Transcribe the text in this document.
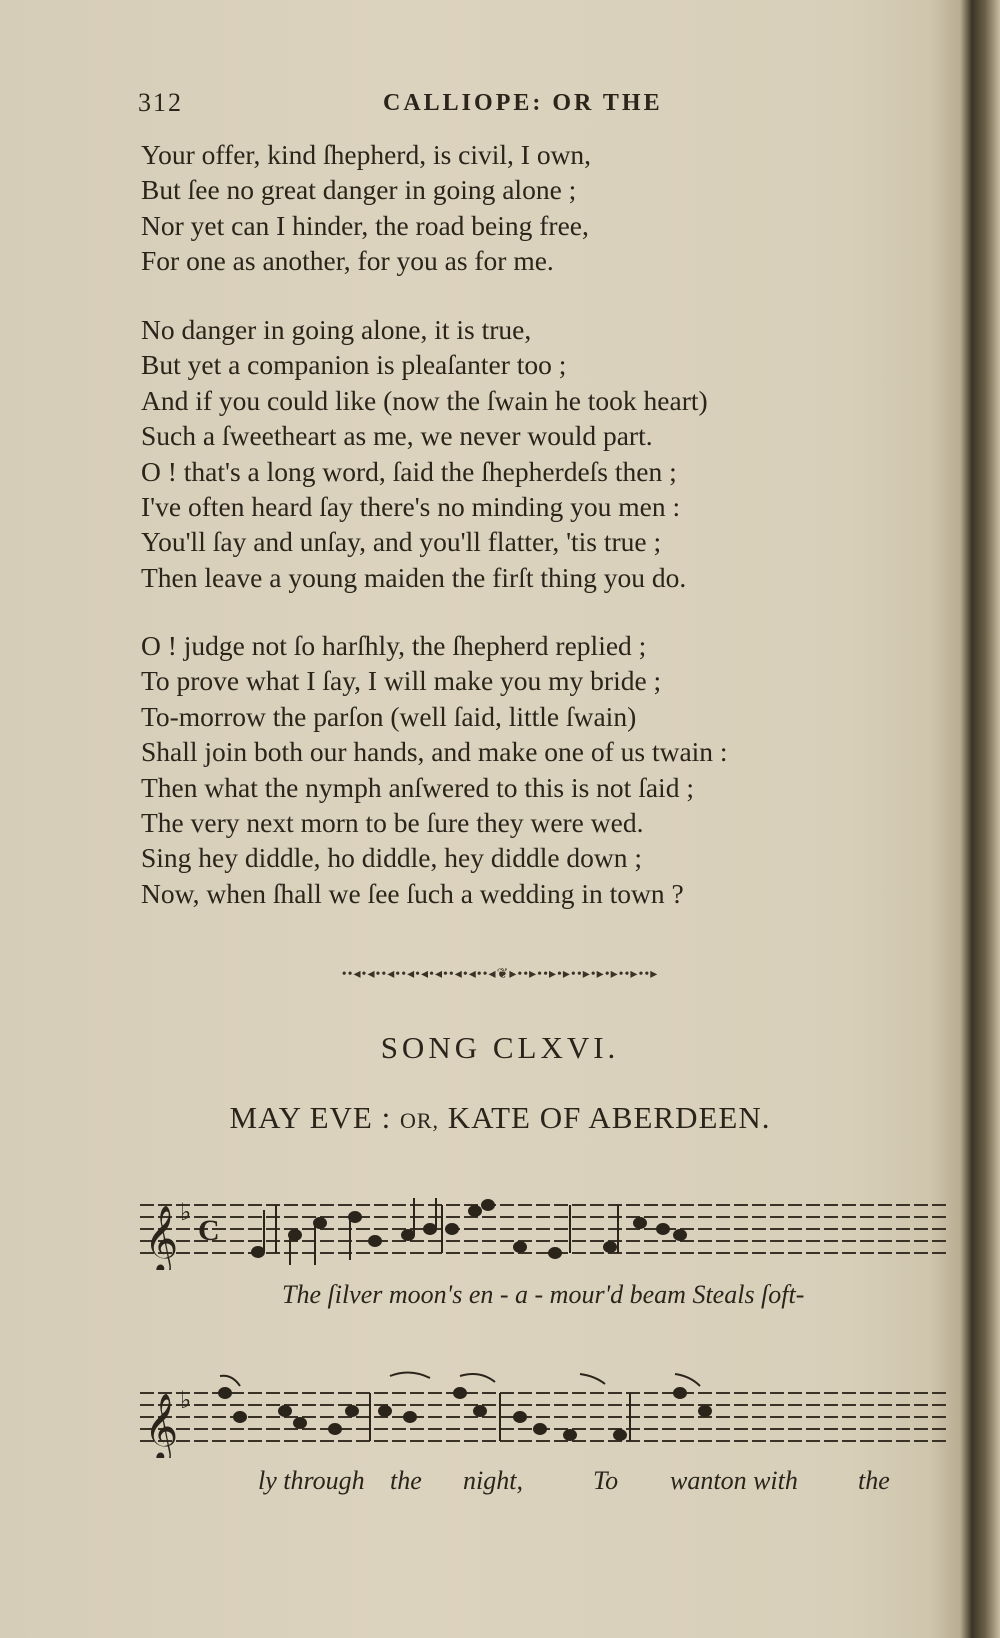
312	CALLIOPE: OR THE
Your offer, kind ſhepherd, is civil, I own,
But ſee no great danger in going alone ;
Nor yet can I hinder, the road being free,
For one as another, for you as for me.
No danger in going alone, it is true,
But yet a companion is pleaſanter too ;
And if you could like (now the ſwain he took heart)
Such a ſweetheart as me, we never would part.
O ! that's a long word, ſaid the ſhepherdeſs then ;
I've often heard ſay there's no minding you men :
You'll ſay and unſay, and you'll flatter, 'tis true ;
Then leave a young maiden the firſt thing you do.
O ! judge not ſo harſhly, the ſhepherd replied ;
To prove what I ſay, I will make you my bride ;
To-morrow the parſon (well ſaid, little ſwain)
Shall join both our hands, and make one of us twain :
Then what the nymph anſwered to this is not ſaid ;
The very next morn to be ſure they were wed.
Sing hey diddle, ho diddle, hey diddle down ;
Now, when ſhall we ſee ſuch a wedding in town ?
••◂•◂••◂••◂•◂•◂••◂•◂••◂❦▸••▸••▸•▸••▸•▸•▸••▸••▸
SONG CLXVI.
MAY EVE : OR, KATE OF ABERDEEN.
𝄞 ♭
C
The ſilver moon's en - a - mour'd beam Steals ſoft-
𝄞 ♭
ly through the night,	To wanton with the
